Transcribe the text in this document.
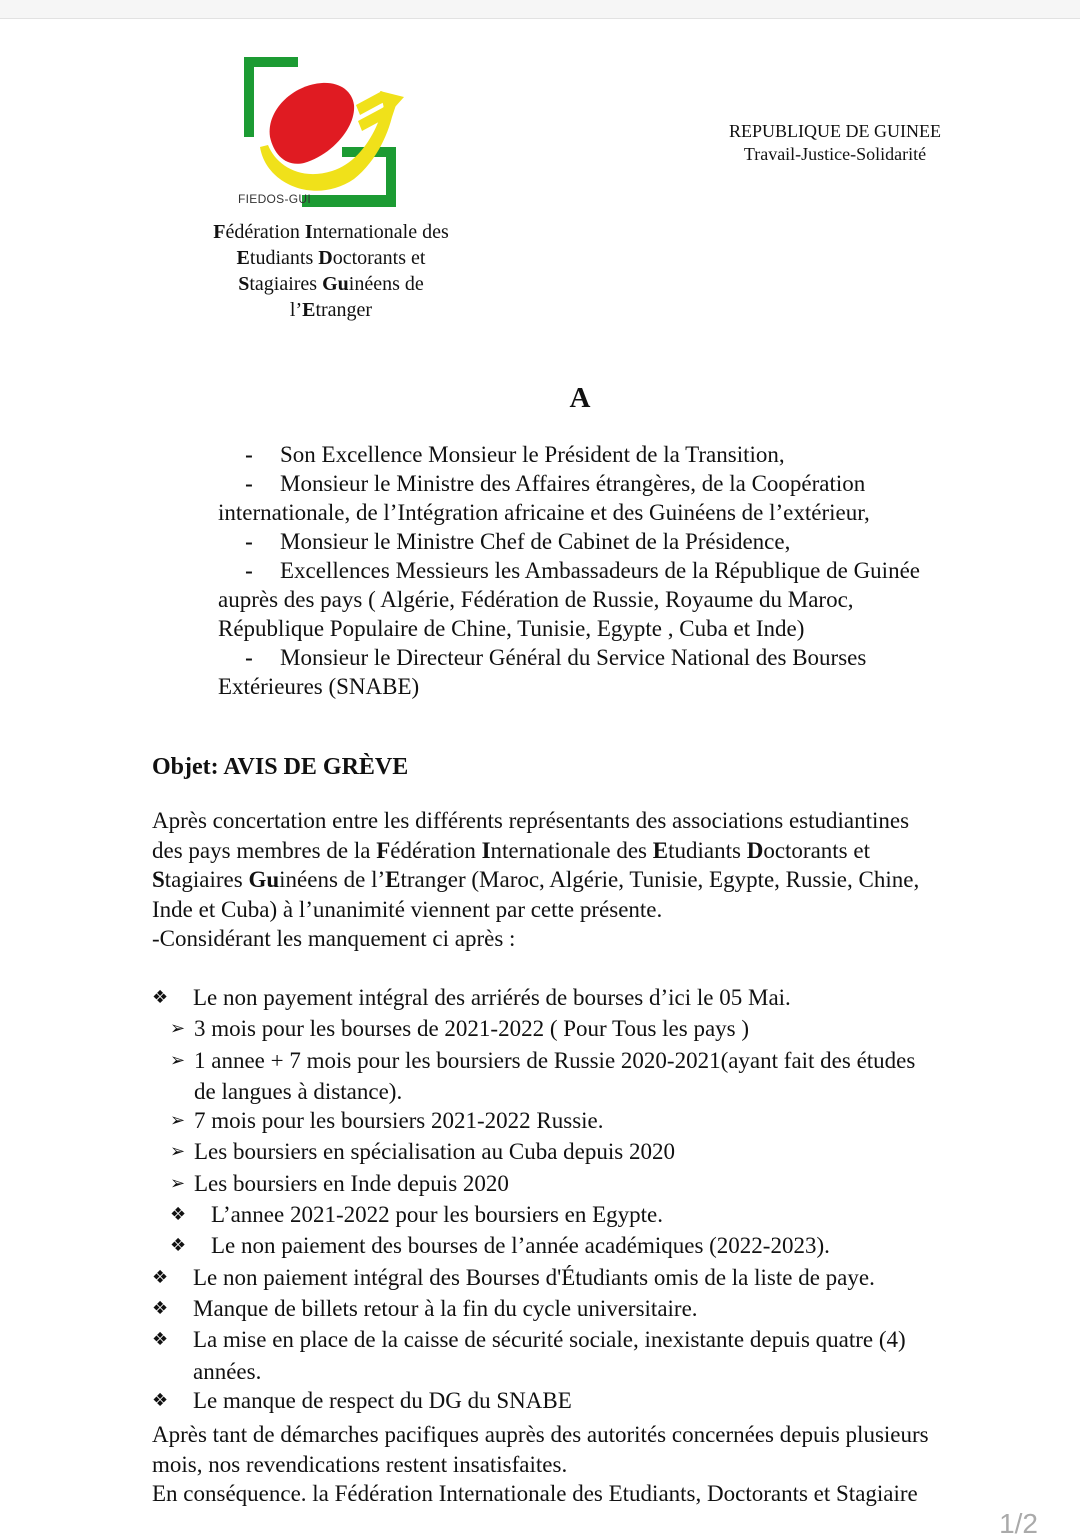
FIEDOS-GUI
Fédération Internationale des
Etudiants Doctorants et
Stagiaires Guinéens de
l’Etranger
REPUBLIQUE DE GUINEE
Travail-Justice-Solidarité
A
- Son Excellence Monsieur le Président de la Transition,
- Monsieur le Ministre des Affaires étrangères, de la Coopération
internationale, de l’Intégration africaine et des Guinéens de l’extérieur,
- Monsieur le Ministre Chef de Cabinet de la Présidence,
- Excellences Messieurs les Ambassadeurs de la République de Guinée
auprès des pays ( Algérie, Fédération de Russie, Royaume du Maroc,
République Populaire de Chine, Tunisie, Egypte , Cuba et Inde)
- Monsieur le Directeur Général du Service National des Bourses
Extérieures (SNABE)
Objet: AVIS DE GRÈVE
Après concertation entre les différents représentants des associations estudiantines
des pays membres de la Fédération Internationale des Etudiants Doctorants et
Stagiaires Guinéens de l’Etranger (Maroc, Algérie, Tunisie, Egypte, Russie, Chine,
Inde et Cuba) à l’unanimité viennent par cette présente.
-Considérant les manquement ci après :
❖ Le non payement intégral des arriérés de bourses d’ici le 05 Mai.
➢ 3 mois pour les bourses de 2021-2022 ( Pour Tous les pays )
➢ 1 annee + 7 mois pour les boursiers de Russie 2020-2021(ayant fait des études
de langues à distance).
➢ 7 mois pour les boursiers 2021-2022 Russie.
➢ Les boursiers en spécialisation au Cuba depuis 2020
➢ Les boursiers en Inde depuis 2020
❖ L’annee 2021-2022 pour les boursiers en Egypte.
❖ Le non paiement des bourses de l’année académiques (2022-2023).
❖ Le non paiement intégral des Bourses d'Étudiants omis de la liste de paye.
❖ Manque de billets retour à la fin du cycle universitaire.
❖ La mise en place de la caisse de sécurité sociale, inexistante depuis quatre (4)
années.
❖ Le manque de respect du DG du SNABE
Après tant de démarches pacifiques auprès des autorités concernées depuis plusieurs
mois, nos revendications restent insatisfaites.
En conséquence. la Fédération Internationale des Etudiants, Doctorants et Stagiaire
1/2
